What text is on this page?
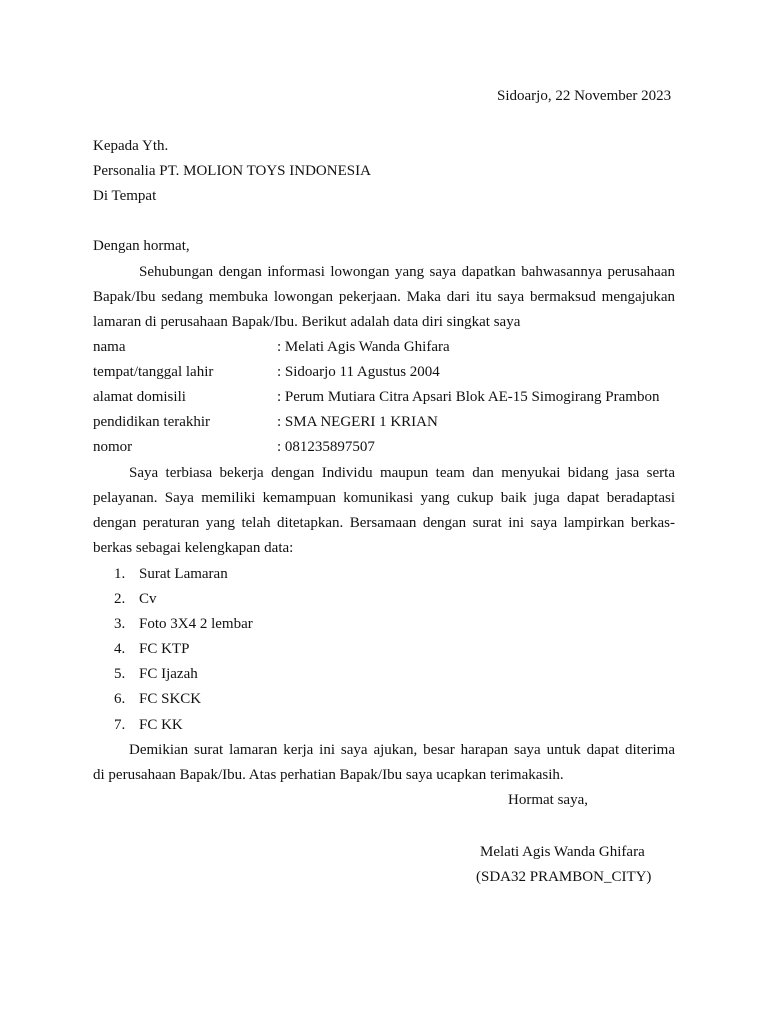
Sidoarjo, 22 November 2023
Kepada Yth.
Personalia PT. MOLION TOYS INDONESIA
Di Tempat
Dengan hormat,
Sehubungan dengan informasi lowongan yang saya dapatkan bahwasannya perusahaan
Bapak/Ibu sedang membuka lowongan pekerjaan. Maka dari itu saya bermaksud mengajukan
lamaran di perusahaan Bapak/Ibu. Berikut adalah data diri singkat saya
nama	: Melati Agis Wanda Ghifara
tempat/tanggal lahir	: Sidoarjo 11 Agustus 2004
alamat domisili	: Perum Mutiara Citra Apsari Blok AE-15 Simogirang Prambon
pendidikan terakhir	: SMA NEGERI 1 KRIAN
nomor	: 081235897507
Saya terbiasa bekerja dengan Individu maupun team dan menyukai bidang jasa serta
pelayanan. Saya memiliki kemampuan komunikasi yang cukup baik juga dapat beradaptasi
dengan peraturan yang telah ditetapkan. Bersamaan dengan surat ini saya lampirkan berkas-
berkas sebagai kelengkapan data:
1. Surat Lamaran
2. Cv
3. Foto 3X4 2 lembar
4. FC KTP
5. FC Ijazah
6. FC SKCK
7. FC KK
Demikian surat lamaran kerja ini saya ajukan, besar harapan saya untuk dapat diterima
di perusahaan Bapak/Ibu. Atas perhatian Bapak/Ibu saya ucapkan terimakasih.
Hormat saya,
Melati Agis Wanda Ghifara
(SDA32 PRAMBON_CITY)
